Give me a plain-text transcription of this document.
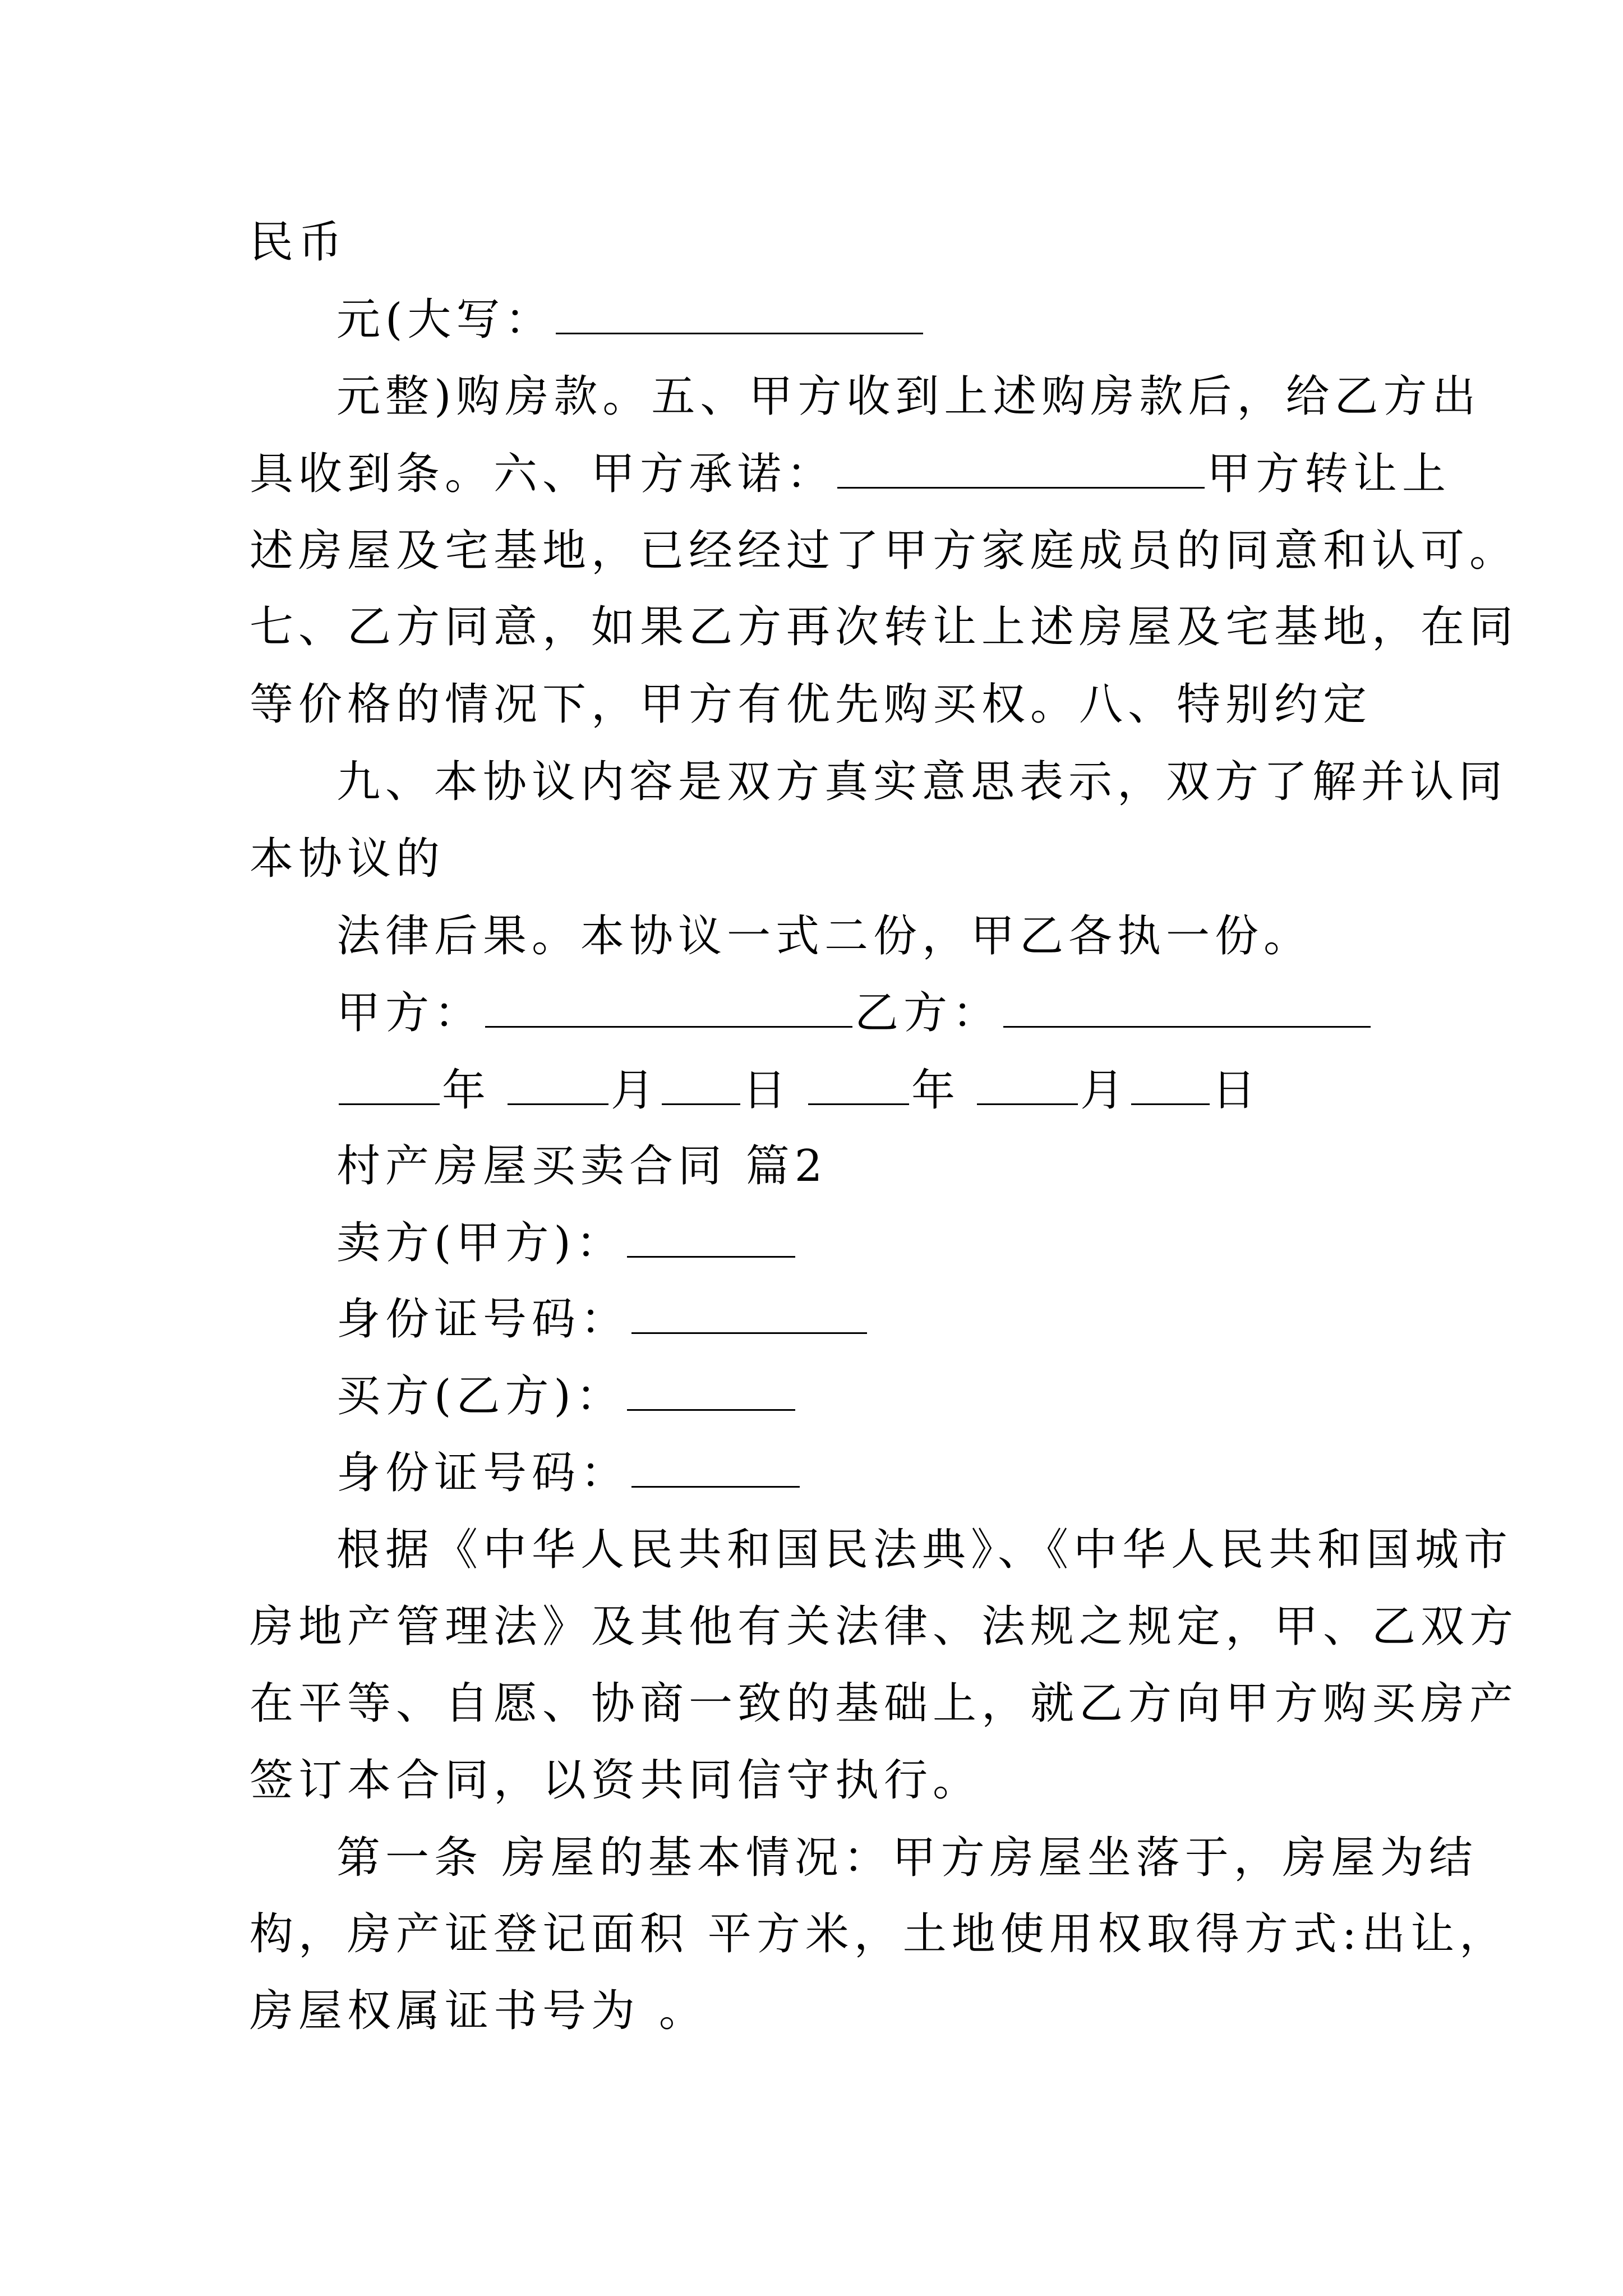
民币
元(大写：
元整)购房款。五、甲方收到上述购房款后，给乙方出
具收到条。六、甲方承诺：	甲方转让上
述房屋及宅基地，已经经过了甲方家庭成员的同意和认可。
七、乙方同意，如果乙方再次转让上述房屋及宅基地，在同
等价格的情况下，甲方有优先购买权。八、特别约定
九、本协议内容是双方真实意思表示，双方了解并认同
本协议的
法律后果。本协议一式二份，甲乙各执一份。
甲方：	乙方：
年	月 日	年	月 日
村产房屋买卖合同 篇2
卖方(甲方)：
身份证号码：
买方(乙方)：
身份证号码：
根据《中华人民共和国民法典》、《中华人民共和国城市
房地产管理法》及其他有关法律、法规之规定，甲、乙双方
在平等、自愿、协商一致的基础上，就乙方向甲方购买房产
签订本合同，以资共同信守执行。
第一条 房屋的基本情况：甲方房屋坐落于，房屋为结
构，房产证登记面积 平方米，土地使用权取得方式:出让，
房屋权属证书号为 。
